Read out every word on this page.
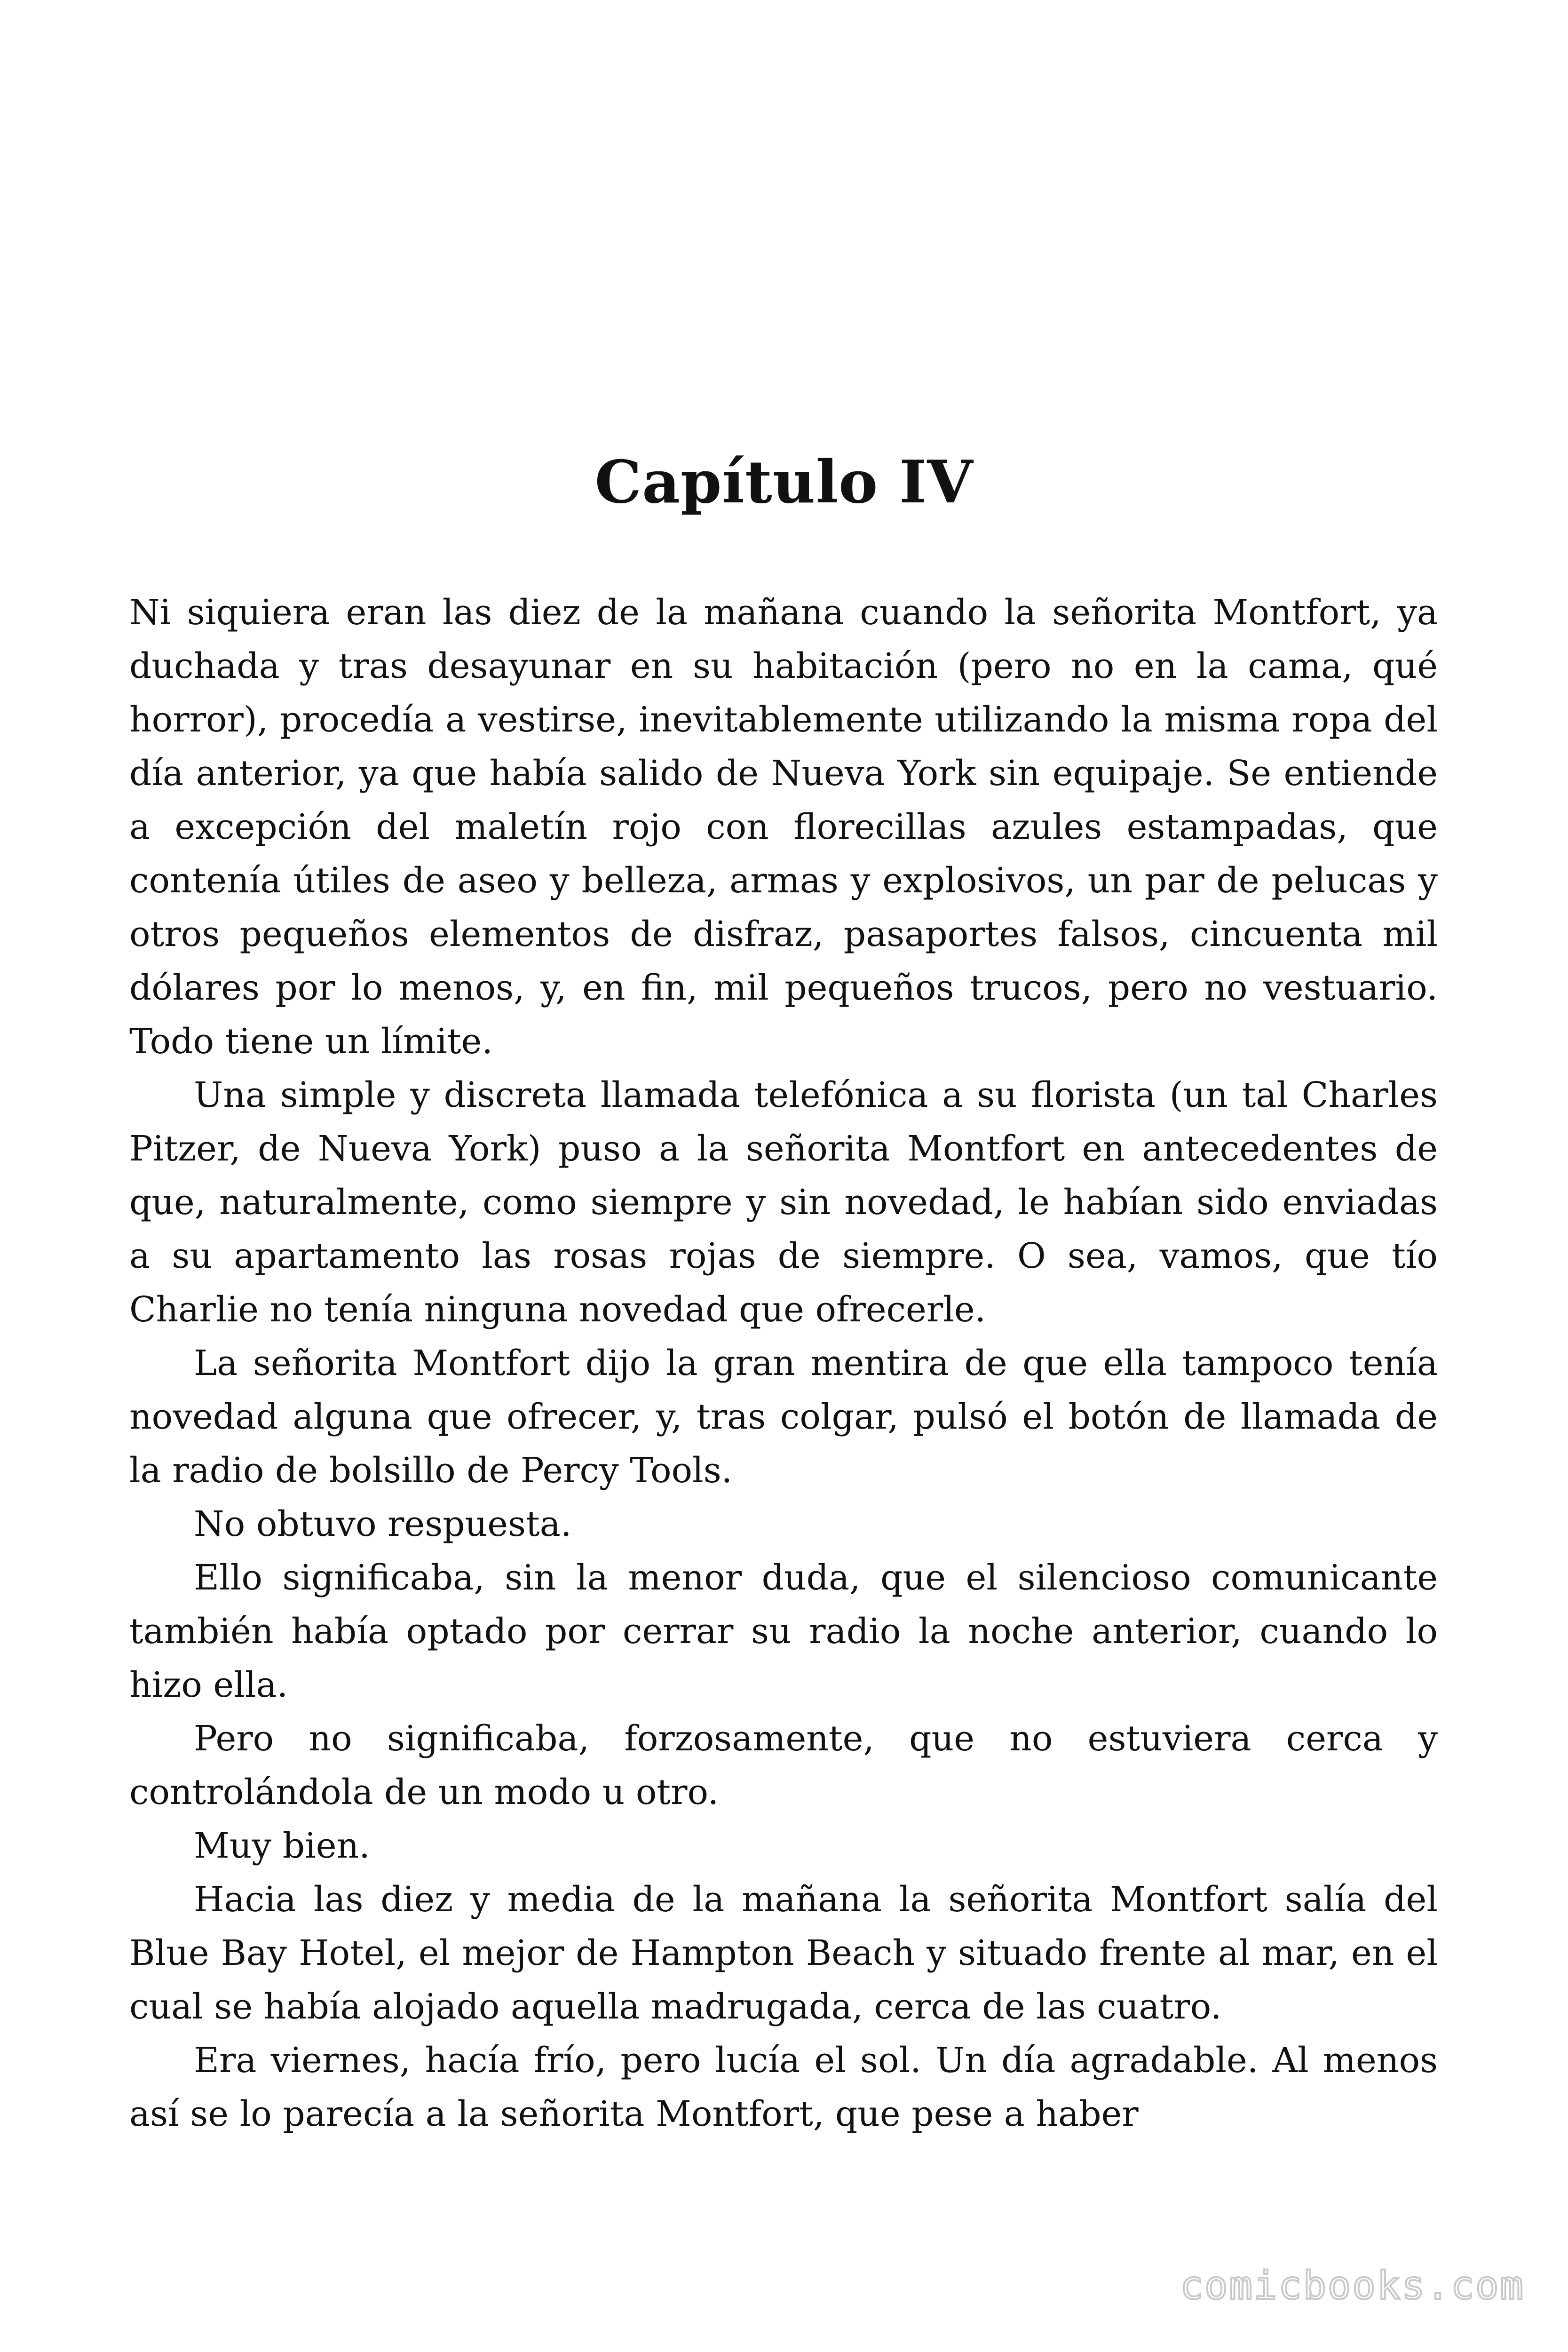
Capítulo IV

Ni siquiera eran las diez de la mañana cuando la señorita Montfort, ya duchada y tras desayunar en su habitación (pero no en la cama, qué horror), procedía a vestirse, inevitablemente utilizando la misma ropa del día anterior, ya que había salido de Nueva York sin equipaje. Se entiende a excepción del maletín rojo con florecillas azules estampadas, que contenía útiles de aseo y belleza, armas y explosivos, un par de pelucas y otros pequeños elementos de disfraz, pasaportes falsos, cincuenta mil dólares por lo menos, y, en fin, mil pequeños trucos, pero no vestuario. Todo tiene un límite.

Una simple y discreta llamada telefónica a su florista (un tal Charles Pitzer, de Nueva York) puso a la señorita Montfort en antecedentes de que, naturalmente, como siempre y sin novedad, le habían sido enviadas a su apartamento las rosas rojas de siempre. O sea, vamos, que tío Charlie no tenía ninguna novedad que ofrecerle.

La señorita Montfort dijo la gran mentira de que ella tampoco tenía novedad alguna que ofrecer, y, tras colgar, pulsó el botón de llamada de la radio de bolsillo de Percy Tools.

No obtuvo respuesta.

Ello significaba, sin la menor duda, que el silencioso comunicante también había optado por cerrar su radio la noche anterior, cuando lo hizo ella.

Pero no significaba, forzosamente, que no estuviera cerca y controlándola de un modo u otro.

Muy bien.

Hacia las diez y media de la mañana la señorita Montfort salía del Blue Bay Hotel, el mejor de Hampton Beach y situado frente al mar, en el cual se había alojado aquella madrugada, cerca de las cuatro.

Era viernes, hacía frío, pero lucía el sol. Un día agradable. Al menos así se lo parecía a la señorita Montfort, que pese a haber

comicbooks.com
